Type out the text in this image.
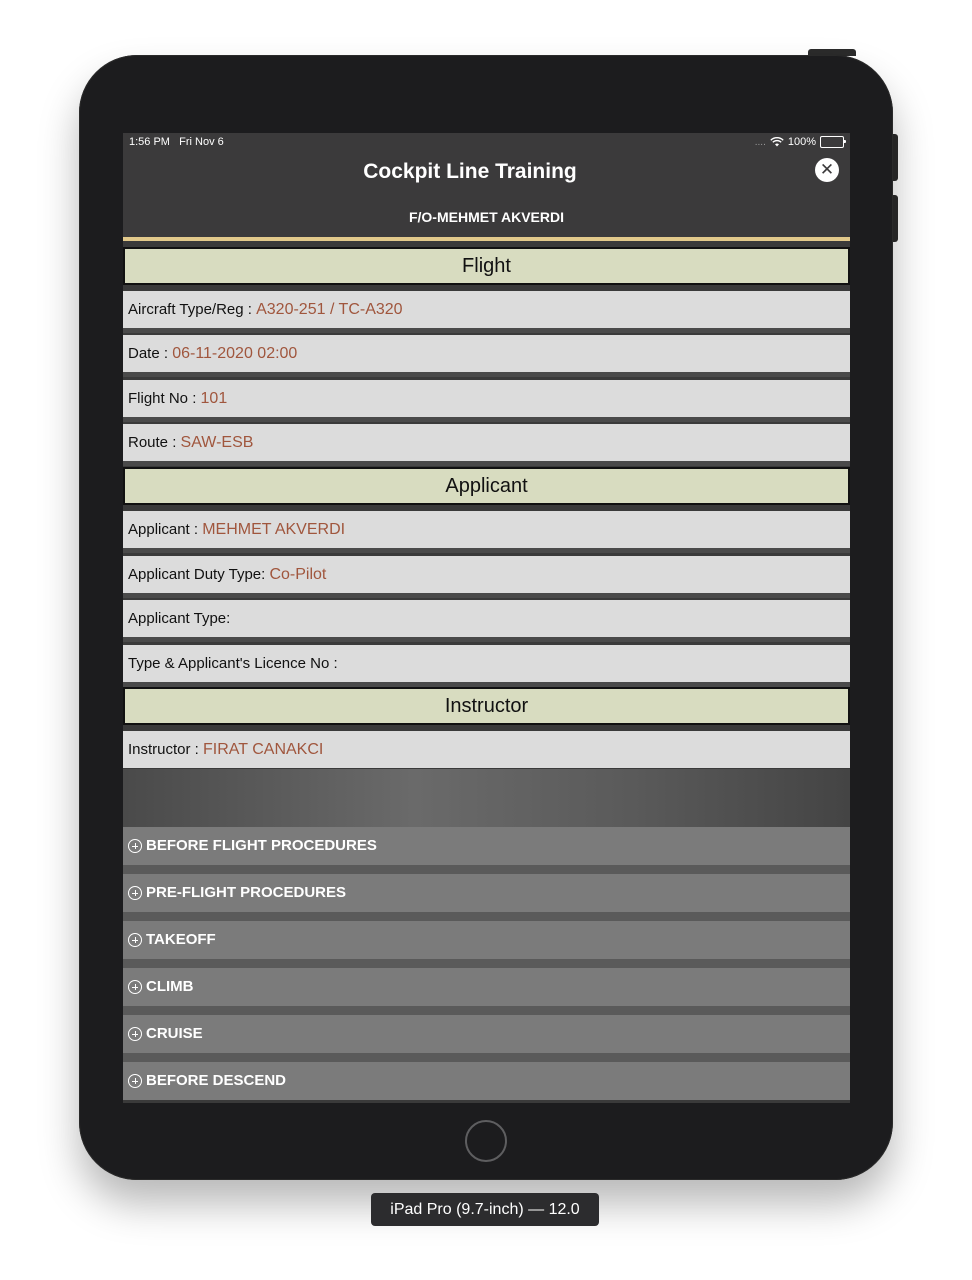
1:56 PM Fri Nov 6	.... 100%
Cockpit Line Training	✕
F/O-MEHMET AKVERDI
Flight
Aircraft Type/Reg : A320-251 / TC-A320
Date : 06-11-2020 02:00
Flight No : 101
Route : SAW-ESB
Applicant
Applicant : MEHMET AKVERDI
Applicant Duty Type: Co-Pilot
Applicant Type:
Type & Applicant's Licence No :
Instructor
Instructor : FIRAT CANAKCI
BEFORE FLIGHT PROCEDURES
PRE-FLIGHT PROCEDURES
TAKEOFF
CLIMB
CRUISE
BEFORE DESCEND
iPad Pro (9.7-inch) — 12.0
